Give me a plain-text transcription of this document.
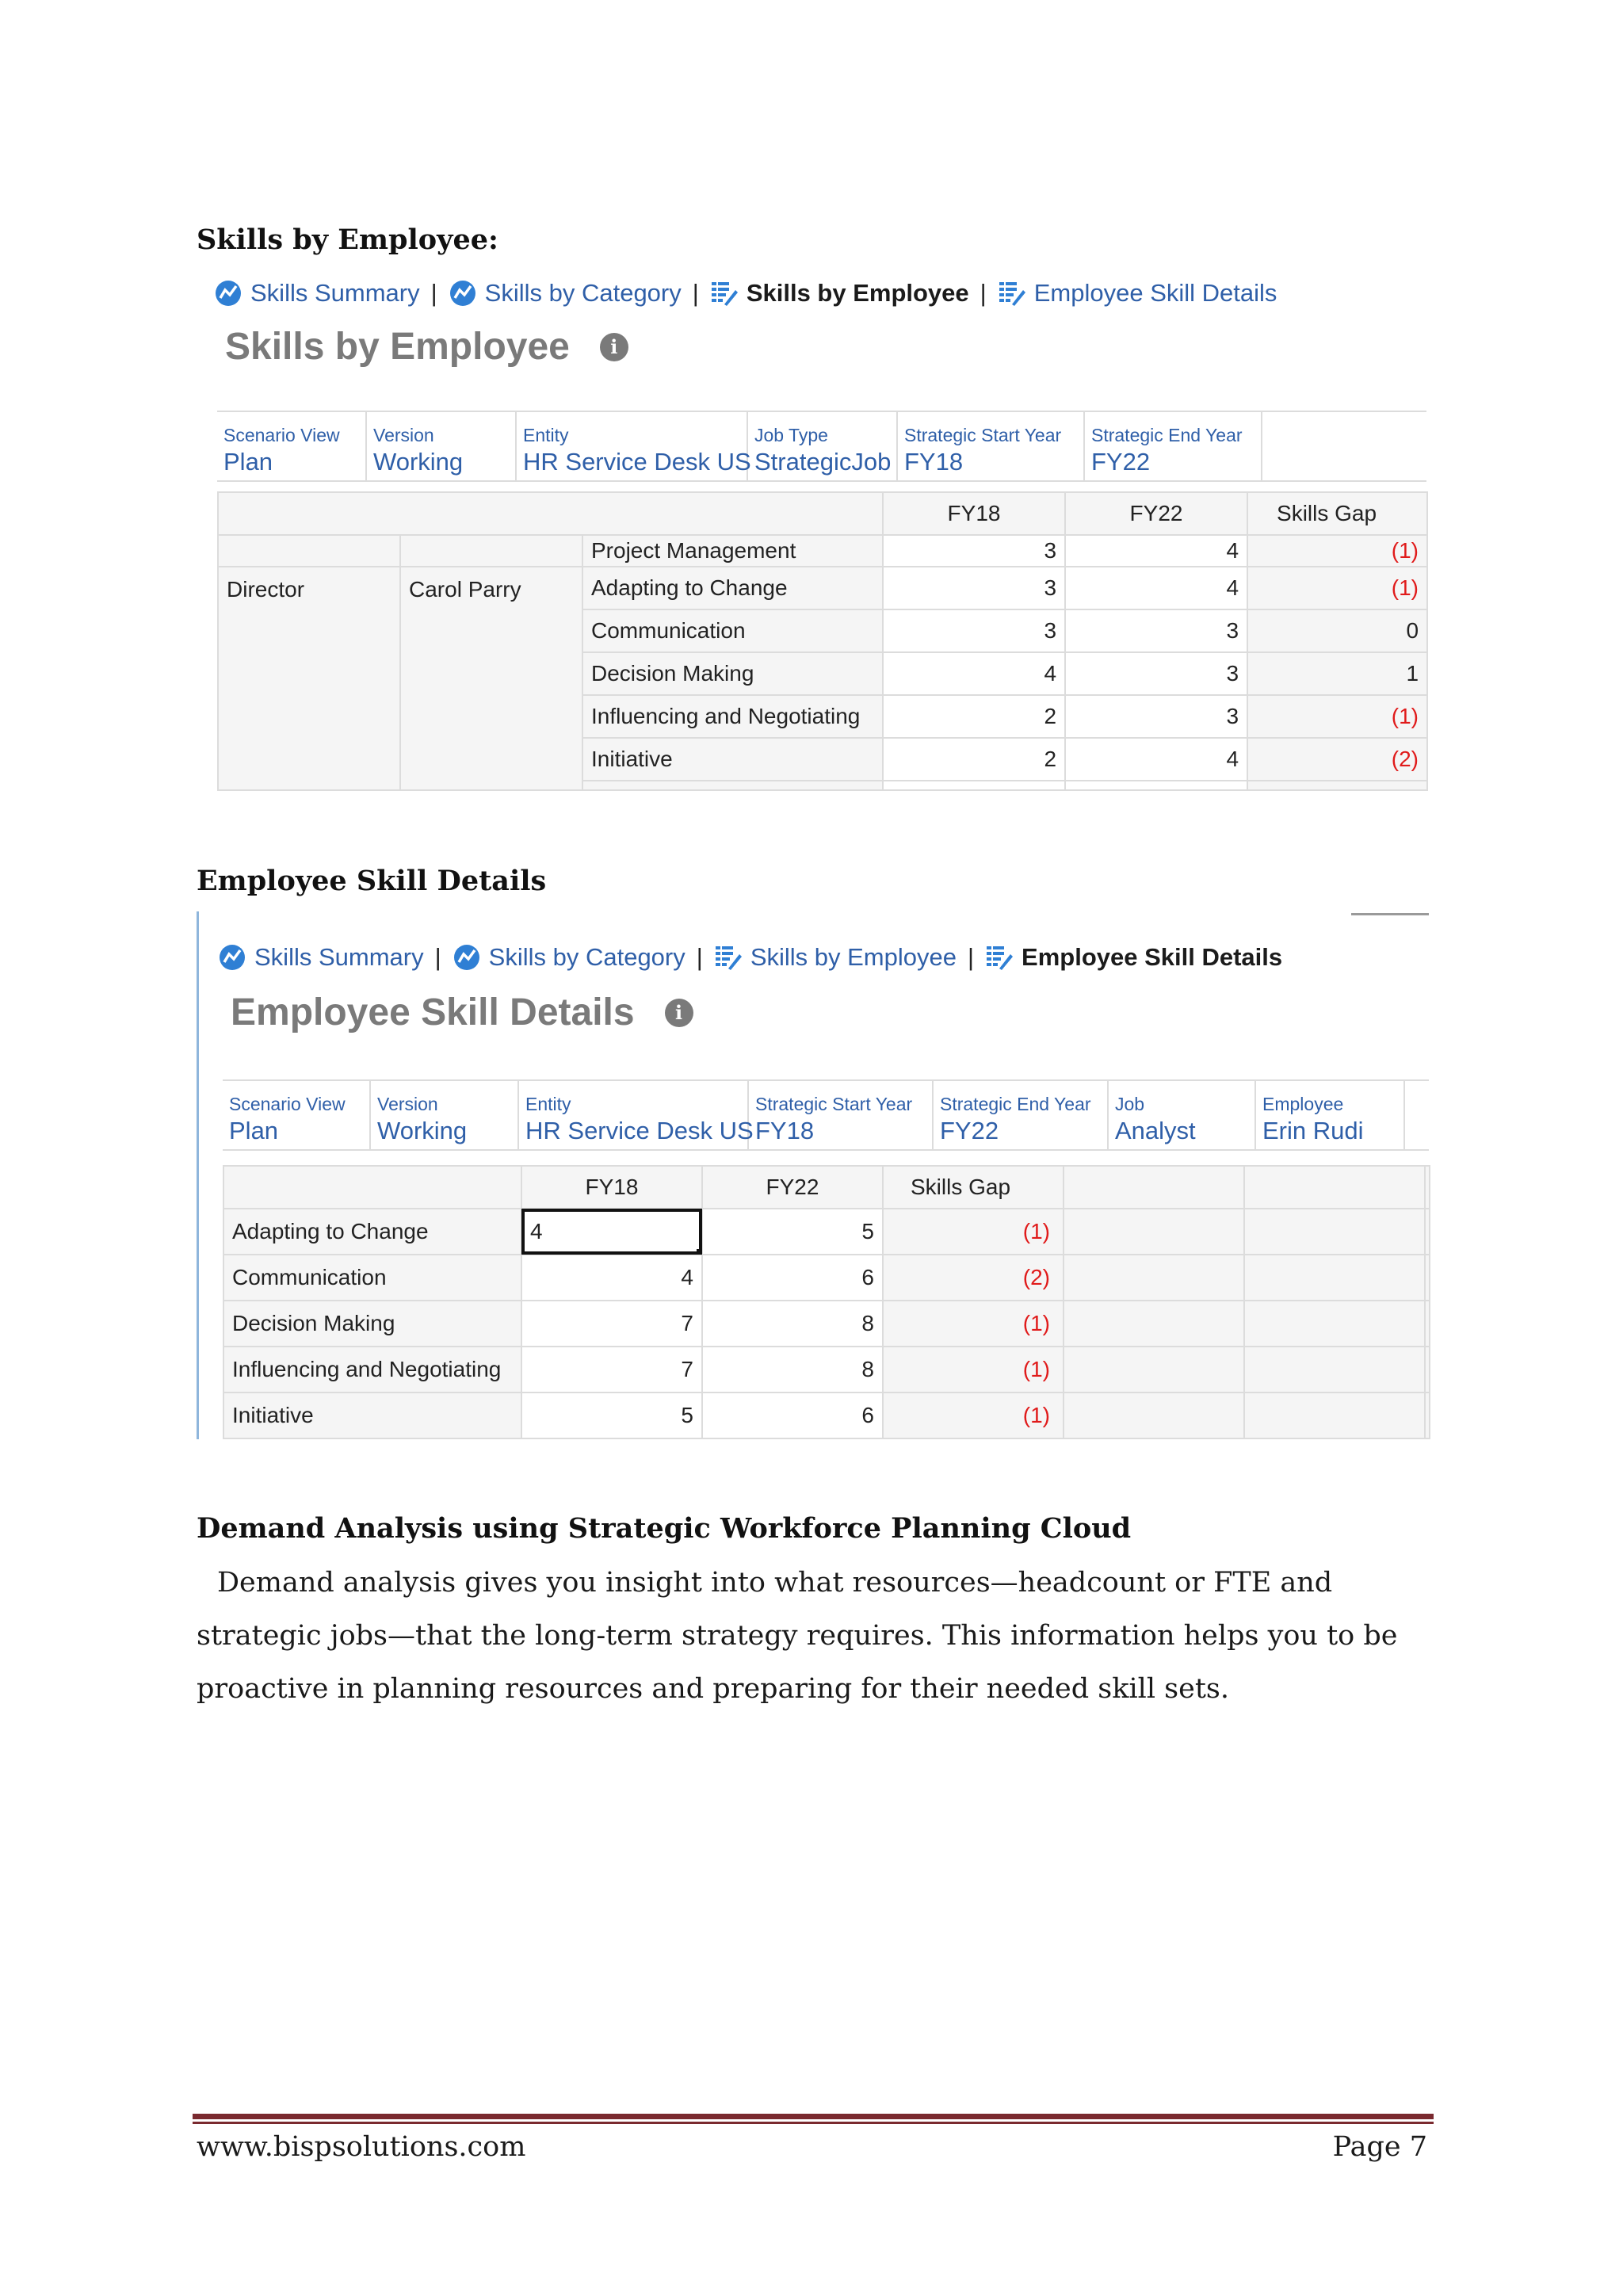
Skills by Employee:
Skills Summary | Skills by Category | Skills by Employee | Employee Skill Details
Skills by Employee	i
Scenario View
Plan
Version
Working
Entity
HR Service Desk US
Job Type
StrategicJob
Strategic Start Year
FY18
Strategic End Year
FY22
			FY18	FY22	Skills Gap
		Project Management	3	4	(1)
Director	Carol Parry	Adapting to Change	3	4	(1)
		Communication	3	3	0
		Decision Making	4	3	1
		Influencing and Negotiating	2	3	(1)
		Initiative	2	4	(2)

Employee Skill Details
Skills Summary | Skills by Category | Skills by Employee | Employee Skill Details
Employee Skill Details	i
Scenario View
Plan
Version
Working
Entity
HR Service Desk US
Strategic Start Year
FY18
Strategic End Year
FY22
Job
Analyst
Employee
Erin Rudi
	FY18	FY22	Skills Gap			
Adapting to Change	4	5	(1)			
Communication	4	6	(2)			
Decision Making	7	8	(1)			
Influencing and Negotiating	7	8	(1)			
Initiative	5	6	(1)			
Demand Analysis using Strategic Workforce Planning Cloud
Demand analysis gives you insight into what resources—headcount or FTE and strategic jobs—that the long-term strategy requires. This information helps you to be proactive in planning resources and preparing for their needed skill sets.
www.bispsolutions.com	Page 7
